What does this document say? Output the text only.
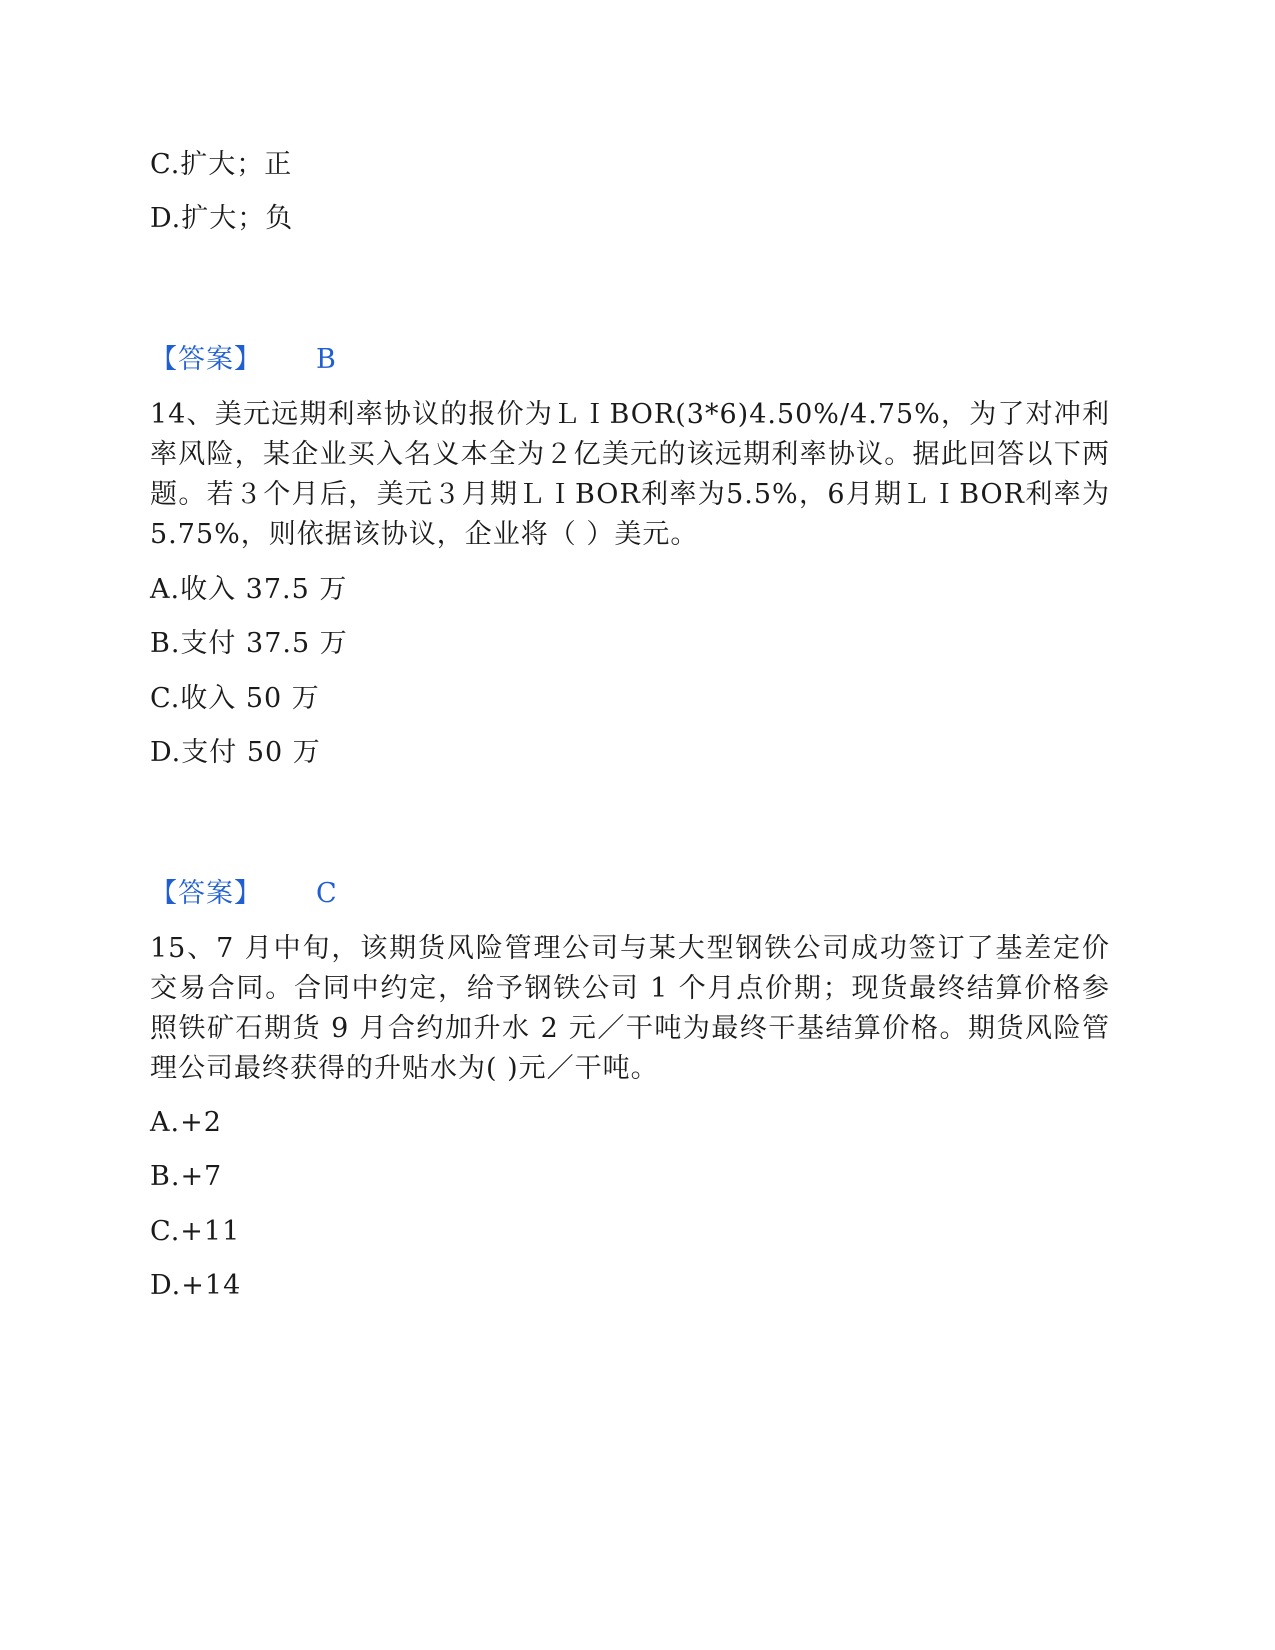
C.扩大；正
D.扩大；负
【答案】 B
14、美元远期利率协议的报价为ＬＩBOR(3*6)4.50%/4.75%，为了对冲利率风险，某企业买入名义本全为２亿美元的该远期利率协议。据此回答以下两题。若３个月后，美元３月期ＬＩBOR利率为5.5%，6月期ＬＩBOR利率为5.75%，则依据该协议，企业将（ ）美元。
A.收入 37.5 万
B.支付 37.5 万
C.收入 50 万
D.支付 50 万
【答案】 C
15、7 月中旬，该期货风险管理公司与某大型钢铁公司成功签订了基差定价交易合同。合同中约定，给予钢铁公司 1 个月点价期；现货最终结算价格参照铁矿石期货 9 月合约加升水 2 元／干吨为最终干基结算价格。期货风险管理公司最终获得的升贴水为( )元／干吨。
A.+2
B.+7
C.+11
D.+14
